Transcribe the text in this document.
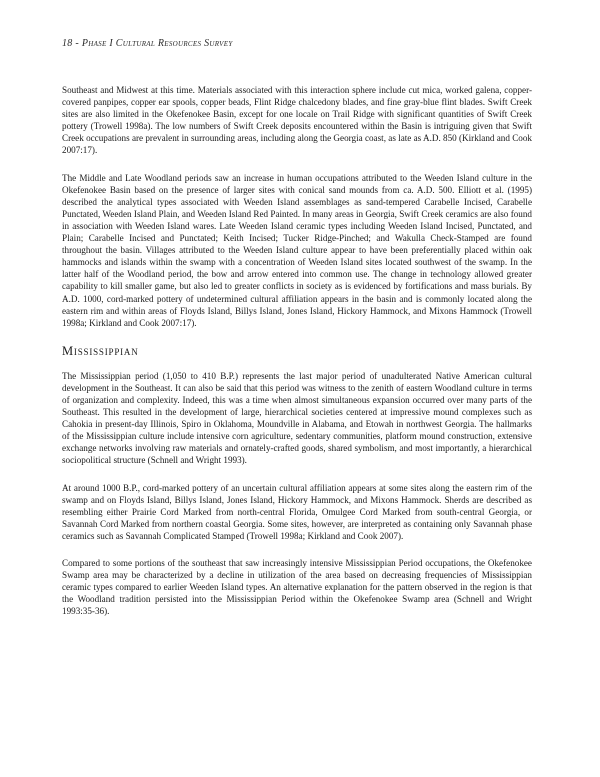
18 - Phase I Cultural Resources Survey

Southeast and Midwest at this time. Materials associated with this interaction sphere include cut mica, worked galena, copper-covered panpipes, copper ear spools, copper beads, Flint Ridge chalcedony blades, and fine gray-blue flint blades. Swift Creek sites are also limited in the Okefenokee Basin, except for one locale on Trail Ridge with significant quantities of Swift Creek pottery (Trowell 1998a). The low numbers of Swift Creek deposits encountered within the Basin is intriguing given that Swift Creek occupations are prevalent in surrounding areas, including along the Georgia coast, as late as A.D. 850 (Kirkland and Cook 2007:17).

The Middle and Late Woodland periods saw an increase in human occupations attributed to the Weeden Island culture in the Okefenokee Basin based on the presence of larger sites with conical sand mounds from ca. A.D. 500. Elliott et al. (1995) described the analytical types associated with Weeden Island assemblages as sand-tempered Carabelle Incised, Carabelle Punctated, Weeden Island Plain, and Weeden Island Red Painted. In many areas in Georgia, Swift Creek ceramics are also found in association with Weeden Island wares. Late Weeden Island ceramic types including Weeden Island Incised, Punctated, and Plain; Carabelle Incised and Punctated; Keith Incised; Tucker Ridge-Pinched; and Wakulla Check-Stamped are found throughout the basin. Villages attributed to the Weeden Island culture appear to have been preferentially placed within oak hammocks and islands within the swamp with a concentration of Weeden Island sites located southwest of the swamp. In the latter half of the Woodland period, the bow and arrow entered into common use. The change in technology allowed greater capability to kill smaller game, but also led to greater conflicts in society as is evidenced by fortifications and mass burials. By A.D. 1000, cord-marked pottery of undetermined cultural affiliation appears in the basin and is commonly located along the eastern rim and within areas of Floyds Island, Billys Island, Jones Island, Hickory Hammock, and Mixons Hammock (Trowell 1998a; Kirkland and Cook 2007:17).

Mississippian

The Mississippian period (1,050 to 410 B.P.) represents the last major period of unadulterated Native American cultural development in the Southeast. It can also be said that this period was witness to the zenith of eastern Woodland culture in terms of organization and complexity. Indeed, this was a time when almost simultaneous expansion occurred over many parts of the Southeast. This resulted in the development of large, hierarchical societies centered at impressive mound complexes such as Cahokia in present-day Illinois, Spiro in Oklahoma, Moundville in Alabama, and Etowah in northwest Georgia. The hallmarks of the Mississippian culture include intensive corn agriculture, sedentary communities, platform mound construction, extensive exchange networks involving raw materials and ornately-crafted goods, shared symbolism, and most importantly, a hierarchical sociopolitical structure (Schnell and Wright 1993).

At around 1000 B.P., cord-marked pottery of an uncertain cultural affiliation appears at some sites along the eastern rim of the swamp and on Floyds Island, Billys Island, Jones Island, Hickory Hammock, and Mixons Hammock. Sherds are described as resembling either Prairie Cord Marked from north-central Florida, Omulgee Cord Marked from south-central Georgia, or Savannah Cord Marked from northern coastal Georgia. Some sites, however, are interpreted as containing only Savannah phase ceramics such as Savannah Complicated Stamped (Trowell 1998a; Kirkland and Cook 2007).

Compared to some portions of the southeast that saw increasingly intensive Mississippian Period occupations, the Okefenokee Swamp area may be characterized by a decline in utilization of the area based on decreasing frequencies of Mississippian ceramic types compared to earlier Weeden Island types. An alternative explanation for the pattern observed in the region is that the Woodland tradition persisted into the Mississippian Period within the Okefenokee Swamp area (Schnell and Wright 1993:35-36).
